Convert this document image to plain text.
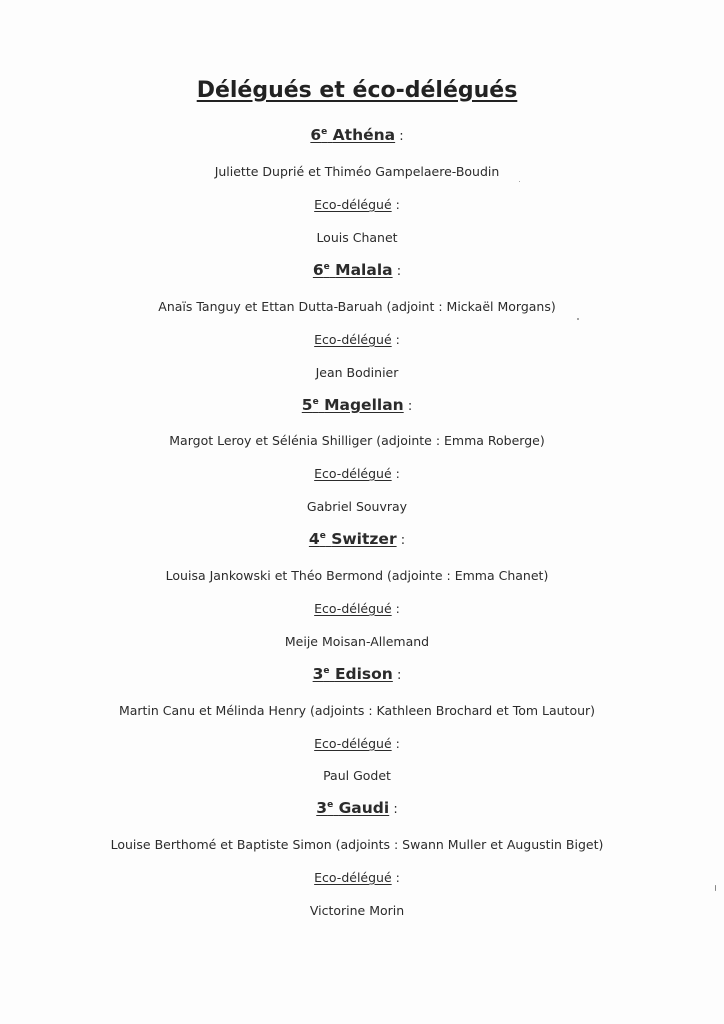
Délégués et éco-délégués
6e Athéna :
Juliette Duprié et Thiméo Gampelaere-Boudin
Eco-délégué :
Louis Chanet
6e Malala :
Anaïs Tanguy et Ettan Dutta-Baruah (adjoint : Mickaël Morgans)
Eco-délégué :
Jean Bodinier
5e Magellan :
Margot Leroy et Sélénia Shilliger (adjointe : Emma Roberge)
Eco-délégué :
Gabriel Souvray
4e Switzer :
Louisa Jankowski et Théo Bermond (adjointe : Emma Chanet)
Eco-délégué :
Meije Moisan-Allemand
3e Edison :
Martin Canu et Mélinda Henry (adjoints : Kathleen Brochard et Tom Lautour)
Eco-délégué :
Paul Godet
3e Gaudi :
Louise Berthomé et Baptiste Simon (adjoints : Swann Muller et Augustin Biget)
Eco-délégué :
Victorine Morin
